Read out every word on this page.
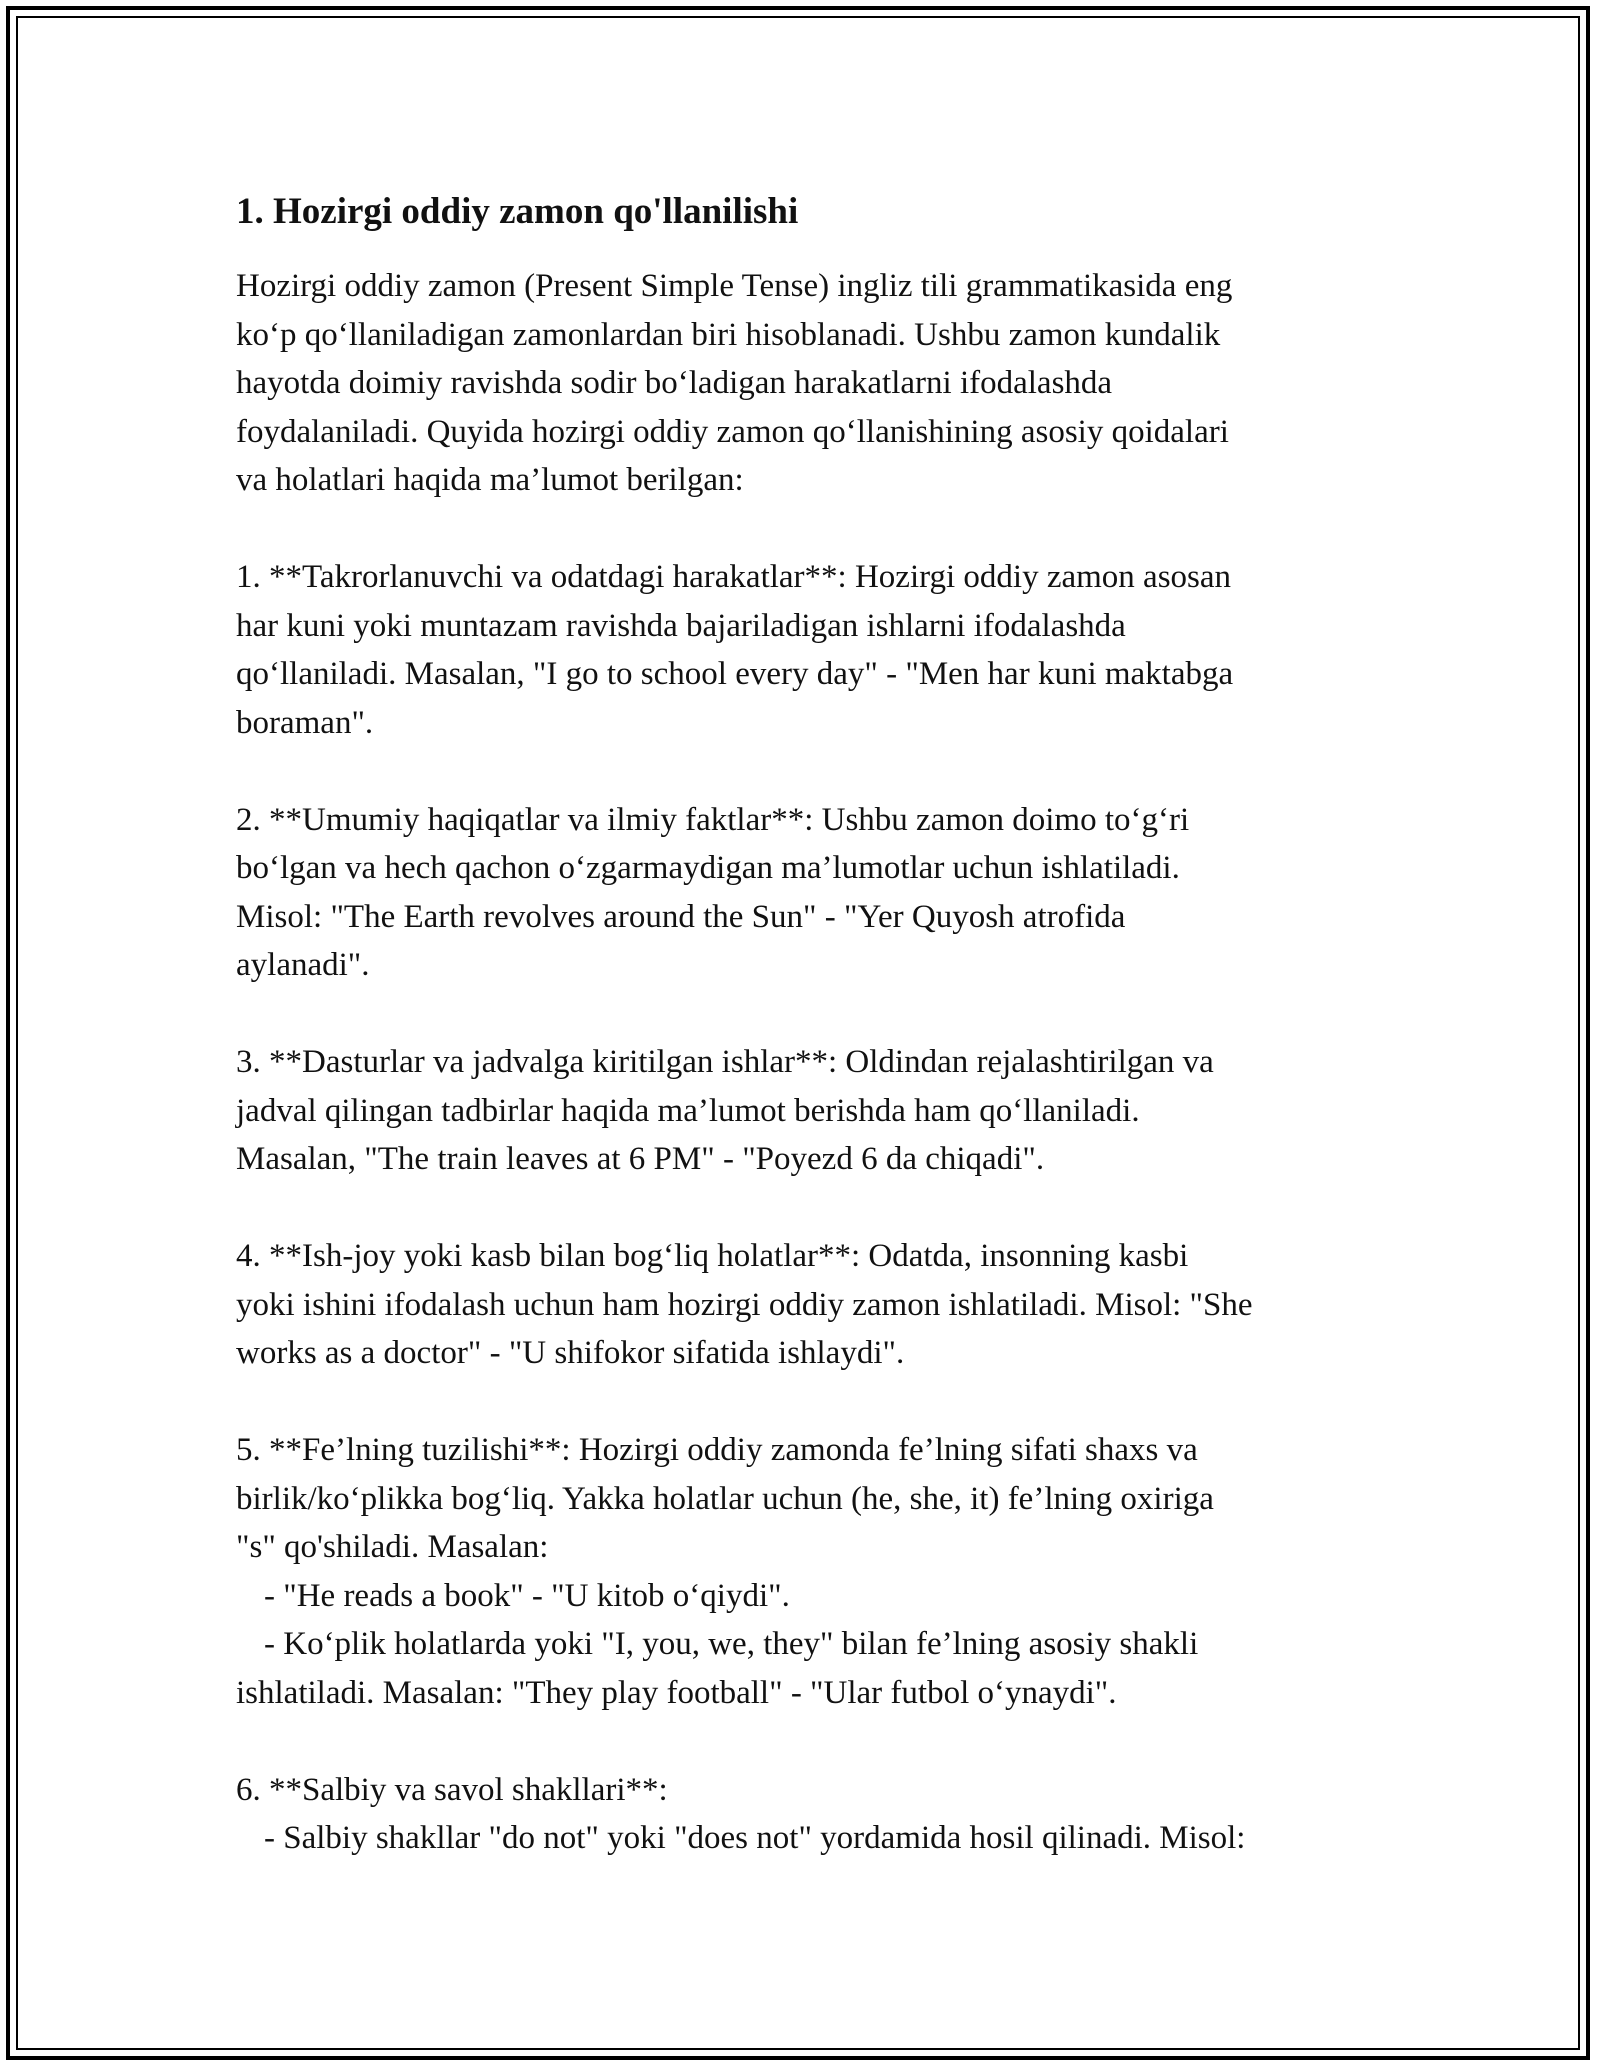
1. Hozirgi oddiy zamon qo'llanilishi

Hozirgi oddiy zamon (Present Simple Tense) ingliz tili grammatikasida eng
ko‘p qo‘llaniladigan zamonlardan biri hisoblanadi. Ushbu zamon kundalik
hayotda doimiy ravishda sodir bo‘ladigan harakatlarni ifodalashda
foydalaniladi. Quyida hozirgi oddiy zamon qo‘llanishining asosiy qoidalari
va holatlari haqida ma’lumot berilgan:

1. **Takrorlanuvchi va odatdagi harakatlar**: Hozirgi oddiy zamon asosan
har kuni yoki muntazam ravishda bajariladigan ishlarni ifodalashda
qo‘llaniladi. Masalan, "I go to school every day" - "Men har kuni maktabga
boraman".

2. **Umumiy haqiqatlar va ilmiy faktlar**: Ushbu zamon doimo to‘g‘ri
bo‘lgan va hech qachon o‘zgarmaydigan ma’lumotlar uchun ishlatiladi.
Misol: "The Earth revolves around the Sun" - "Yer Quyosh atrofida
aylanadi".

3. **Dasturlar va jadvalga kiritilgan ishlar**: Oldindan rejalashtirilgan va
jadval qilingan tadbirlar haqida ma’lumot berishda ham qo‘llaniladi.
Masalan, "The train leaves at 6 PM" - "Poyezd 6 da chiqadi".

4. **Ish-joy yoki kasb bilan bog‘liq holatlar**: Odatda, insonning kasbi
yoki ishini ifodalash uchun ham hozirgi oddiy zamon ishlatiladi. Misol: "She
works as a doctor" - "U shifokor sifatida ishlaydi".

5. **Fe’lning tuzilishi**: Hozirgi oddiy zamonda fe’lning sifati shaxs va
birlik/ko‘plikka bog‘liq. Yakka holatlar uchun (he, she, it) fe’lning oxiriga
"s" qo'shiladi. Masalan:
- "He reads a book" - "U kitob o‘qiydi".
- Ko‘plik holatlarda yoki "I, you, we, they" bilan fe’lning asosiy shakli
ishlatiladi. Masalan: "They play football" - "Ular futbol o‘ynaydi".

6. **Salbiy va savol shakllari**:
- Salbiy shakllar "do not" yoki "does not" yordamida hosil qilinadi. Misol:
